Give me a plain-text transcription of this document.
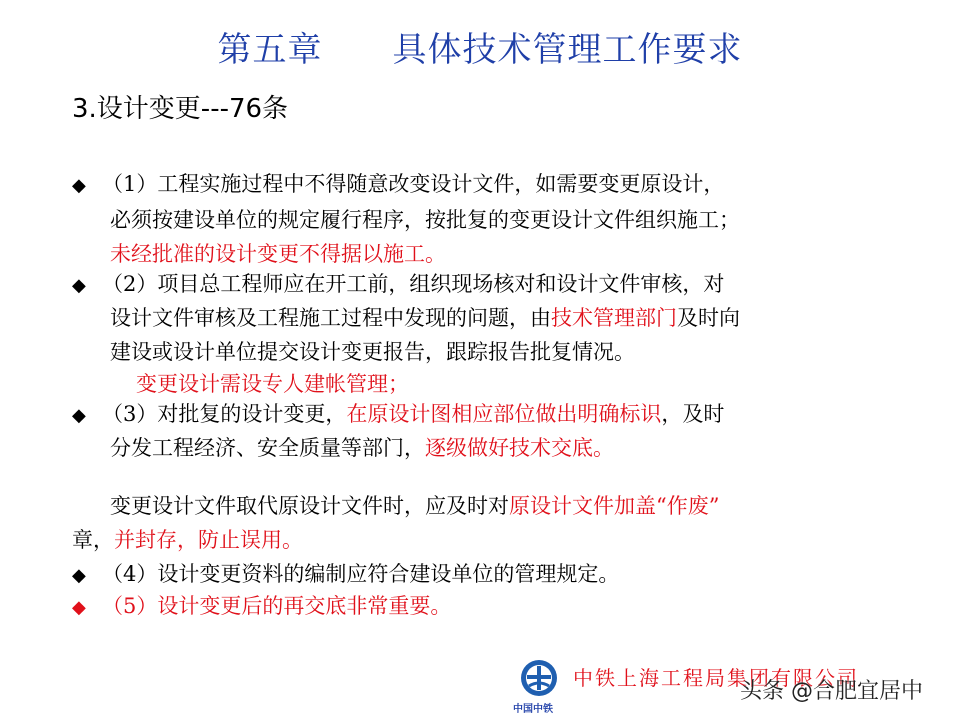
第五章　　具体技术管理工作要求
3.设计变更---76条
◆ （1）工程实施过程中不得随意改变设计文件，如需要变更原设计，
必须按建设单位的规定履行程序，按批复的变更设计文件组织施工；
未经批准的设计变更不得据以施工。
◆ （2）项目总工程师应在开工前，组织现场核对和设计文件审核，对
设计文件审核及工程施工过程中发现的问题，由技术管理部门及时向
建设或设计单位提交设计变更报告，跟踪报告批复情况。
变更设计需设专人建帐管理；
◆ （3）对批复的设计变更，在原设计图相应部位做出明确标识，及时
分发工程经济、安全质量等部门，逐级做好技术交底。
变更设计文件取代原设计文件时，应及时对原设计文件加盖“作废”
章，并封存，防止误用。
◆ （4）设计变更资料的编制应符合建设单位的管理规定。
◆ （5）设计变更后的再交底非常重要。
中国中铁
中铁上海工程局集团有限公司
头条 @合肥宜居中
